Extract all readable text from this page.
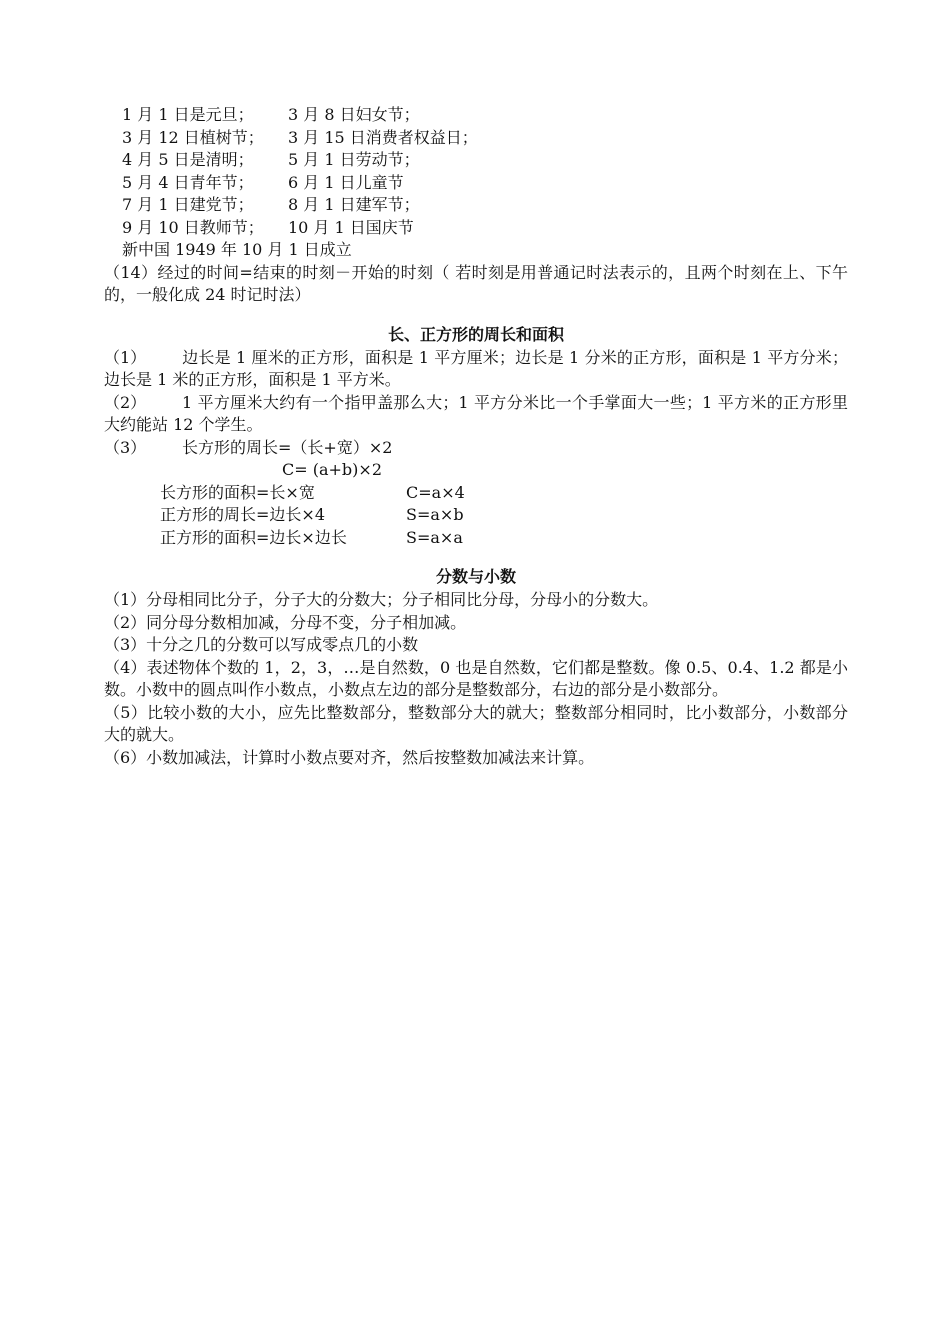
1 月 1 日是元旦； 3 月 8 日妇女节；
3 月 12 日植树节； 3 月 15 日消费者权益日；
4 月 5 日是清明； 5 月 1 日劳动节；
5 月 4 日青年节； 6 月 1 日儿童节
7 月 1 日建党节； 8 月 1 日建军节；
9 月 10 日教师节； 10 月 1 日国庆节
新中国 1949 年 10 月 1 日成立
（14）经过的时间=结束的时刻－开始的时刻（ 若时刻是用普通记时法表示的，且两个时刻在上、下午的，一般化成 24 时记时法）
长、正方形的周长和面积
（1） 边长是 1 厘米的正方形，面积是 1 平方厘米；边长是 1 分米的正方形，面积是 1 平方分米；边长是 1 米的正方形，面积是 1 平方米。
（2） 1 平方厘米大约有一个指甲盖那么大；1 平方分米比一个手掌面大一些；1 平方米的正方形里大约能站 12 个学生。
（3） 长方形的周长=（长+宽）×2
C= (a+b)×2
长方形的面积=长×宽	C=a×4
正方形的周长=边长×4	S=a×b
正方形的面积=边长×边长	S=a×a
分数与小数
（1）分母相同比分子，分子大的分数大；分子相同比分母，分母小的分数大。
（2）同分母分数相加减，分母不变，分子相加减。
（3）十分之几的分数可以写成零点几的小数
（4）表述物体个数的 1，2，3，…是自然数，0 也是自然数，它们都是整数。像 0.5、0.4、1.2 都是小数。小数中的圆点叫作小数点，小数点左边的部分是整数部分，右边的部分是小数部分。
（5）比较小数的大小，应先比整数部分，整数部分大的就大；整数部分相同时，比小数部分，小数部分大的就大。
（6）小数加减法，计算时小数点要对齐，然后按整数加减法来计算。
